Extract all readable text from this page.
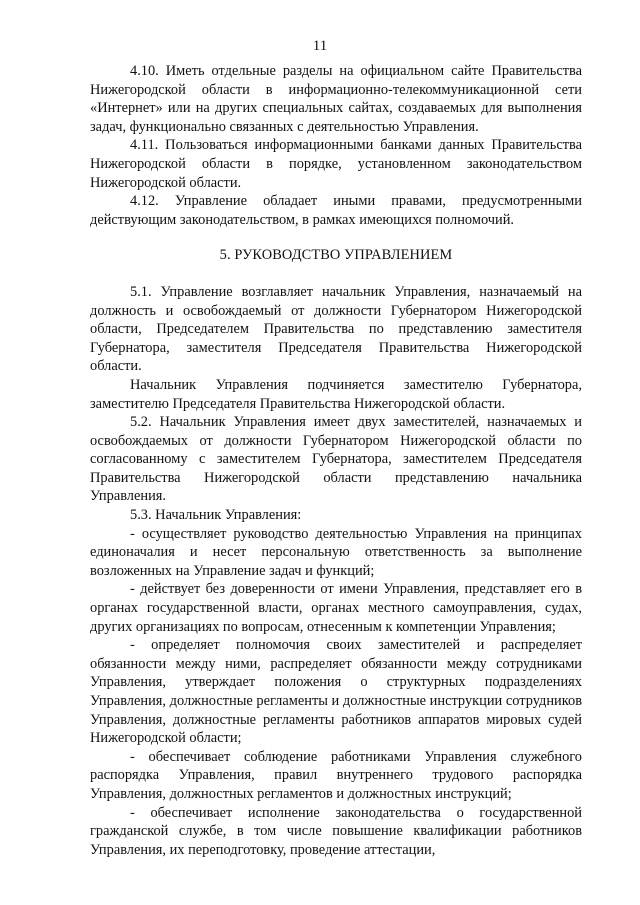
11

4.10. Иметь отдельные разделы на официальном сайте Правительства Нижегородской области в информационно-телекоммуникационной сети «Интернет» или на других специальных сайтах, создаваемых для выполнения задач, функционально связанных с деятельностью Управления.

4.11. Пользоваться информационными банками данных Правительства Нижегородской области в порядке, установленном законодательством Нижегородской области.

4.12. Управление обладает иными правами, предусмотренными действующим законодательством, в рамках имеющихся полномочий.

5. РУКОВОДСТВО УПРАВЛЕНИЕМ

5.1. Управление возглавляет начальник Управления, назначаемый на должность и освобождаемый от должности Губернатором Нижегородской области, Председателем Правительства по представлению заместителя Губернатора, заместителя Председателя Правительства Нижегородской области.

Начальник Управления подчиняется заместителю Губернатора, заместителю Председателя Правительства Нижегородской области.

5.2. Начальник Управления имеет двух заместителей, назначаемых и освобождаемых от должности Губернатором Нижегородской области по согласованному с заместителем Губернатора, заместителем Председателя Правительства Нижегородской области представлению начальника Управления.

5.3. Начальник Управления:

- осуществляет руководство деятельностью Управления на принципах единоначалия и несет персональную ответственность за выполнение возложенных на Управление задач и функций;

- действует без доверенности от имени Управления, представляет его в органах государственной власти, органах местного самоуправления, судах, других организациях по вопросам, отнесенным к компетенции Управления;

- определяет полномочия своих заместителей и распределяет обязанности между ними, распределяет обязанности между сотрудниками Управления, утверждает положения о структурных подразделениях Управления, должностные регламенты и должностные инструкции сотрудников Управления, должностные регламенты работников аппаратов мировых судей Нижегородской области;

- обеспечивает соблюдение работниками Управления служебного распорядка Управления, правил внутреннего трудового распорядка Управления, должностных регламентов и должностных инструкций;

- обеспечивает исполнение законодательства о государственной гражданской службе, в том числе повышение квалификации работников Управления, их переподготовку, проведение аттестации,
